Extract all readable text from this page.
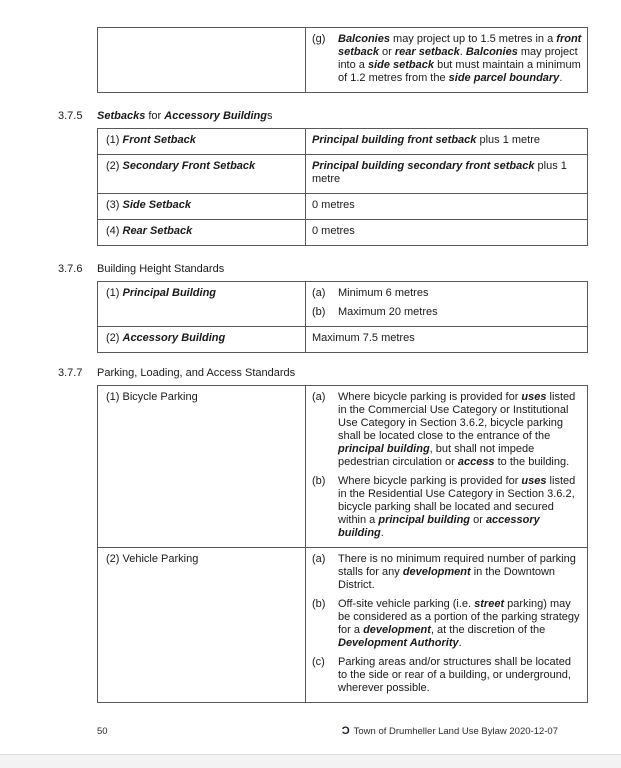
(g)	Balconies may project up to 1.5 metres in a front setback or rear setback. Balconies may project into a side setback but must maintain a minimum of 1.2 metres from the side parcel boundary.
3.7.5	Setbacks for Accessory Buildings
(1) Front Setback	Principal building front setback plus 1 metre
(2) Secondary Front Setback	Principal building secondary front setback plus 1 metre
(3) Side Setback	0 metres
(4) Rear Setback	0 metres
3.7.6	Building Height Standards
(1) Principal Building	(a) Minimum 6 metres
(b) Maximum 20 metres

(2) Accessory Building	Maximum 7.5 metres
3.7.7	Parking, Loading, and Access Standards
(1) Bicycle Parking	(a) Where bicycle parking is provided for uses listed in the Commercial Use Category or Institutional Use Category in Section 3.6.2, bicycle parking shall be located close to the entrance of the principal building, but shall not impede pedestrian circulation or access to the building.
(b) Where bicycle parking is provided for uses listed in the Residential Use Category in Section 3.6.2, bicycle parking shall be located and secured within a principal building or accessory building.

(2) Vehicle Parking	(a)	There is no minimum required number of parking stalls for any development in the Downtown District.
(b)	Off-site vehicle parking (i.e. street parking) may be considered as a portion of the parking strategy for a development, at the discretion of the Development Authority.
(c)	Parking areas and/or structures shall be located to the side or rear of a building, or underground, wherever possible.
50	Ɔ Town of Drumheller Land Use Bylaw 2020-12-07
